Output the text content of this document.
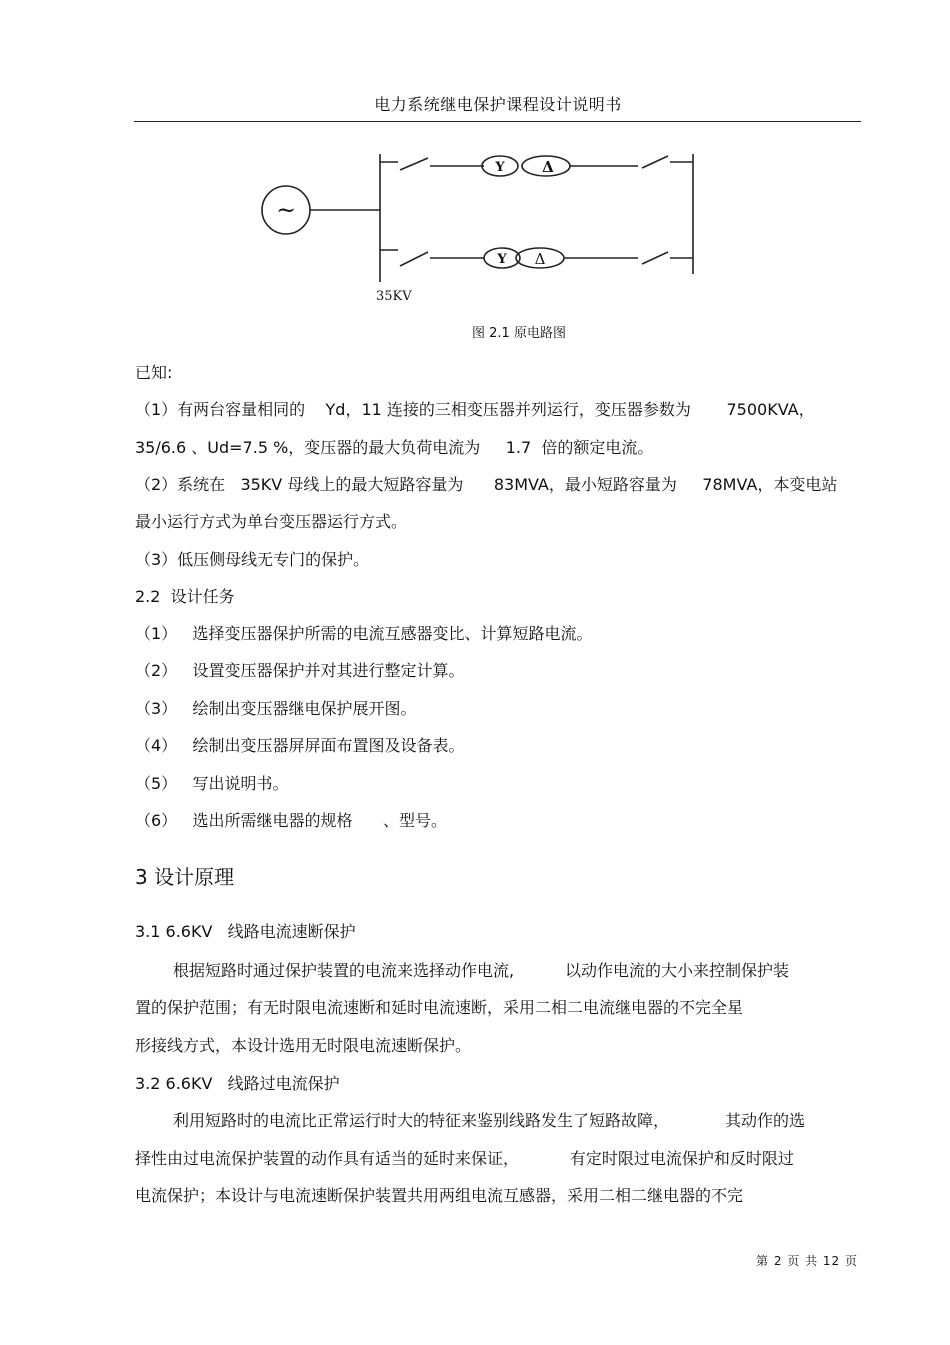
电力系统继电保护课程设计说明书
~
Y	Δ
Y Δ
35KV
图 2.1 原电路图
已知:
（1）有两台容量相同的    Yd，11 连接的三相变压器并列运行，变压器参数为       7500KVA，
35/6.6 、Ud=7.5 %，变压器的最大负荷电流为     1.7  倍的额定电流。
（2）系统在   35KV 母线上的最大短路容量为      83MVA，最小短路容量为     78MVA，本变电站
最小运行方式为单台变压器运行方式。
（3）低压侧母线无专门的保护。
2.2  设计任务
（1）   选择变压器保护所需的电流互感器变比、计算短路电流。
（2）   设置变压器保护并对其进行整定计算。
（3）   绘制出变压器继电保护展开图。
（4）   绘制出变压器屏屏面布置图及设备表。
（5）   写出说明书。
（6）   选出所需继电器的规格      、型号。
3 设计原理
3.1 6.6KV   线路电流速断保护
根据短路时通过保护装置的电流来选择动作电流,          以动作电流的大小来控制保护装
置的保护范围；有无时限电流速断和延时电流速断，采用二相二电流继电器的不完全星
形接线方式，本设计选用无时限电流速断保护。
3.2 6.6KV   线路过电流保护
利用短路时的电流比正常运行时大的特征来鉴别线路发生了短路故障，           其动作的选
择性由过电流保护装置的动作具有适当的延时来保证，          有定时限过电流保护和反时限过
电流保护；本设计与电流速断保护装置共用两组电流互感器，采用二相二继电器的不完
第 2 页 共 12 页
